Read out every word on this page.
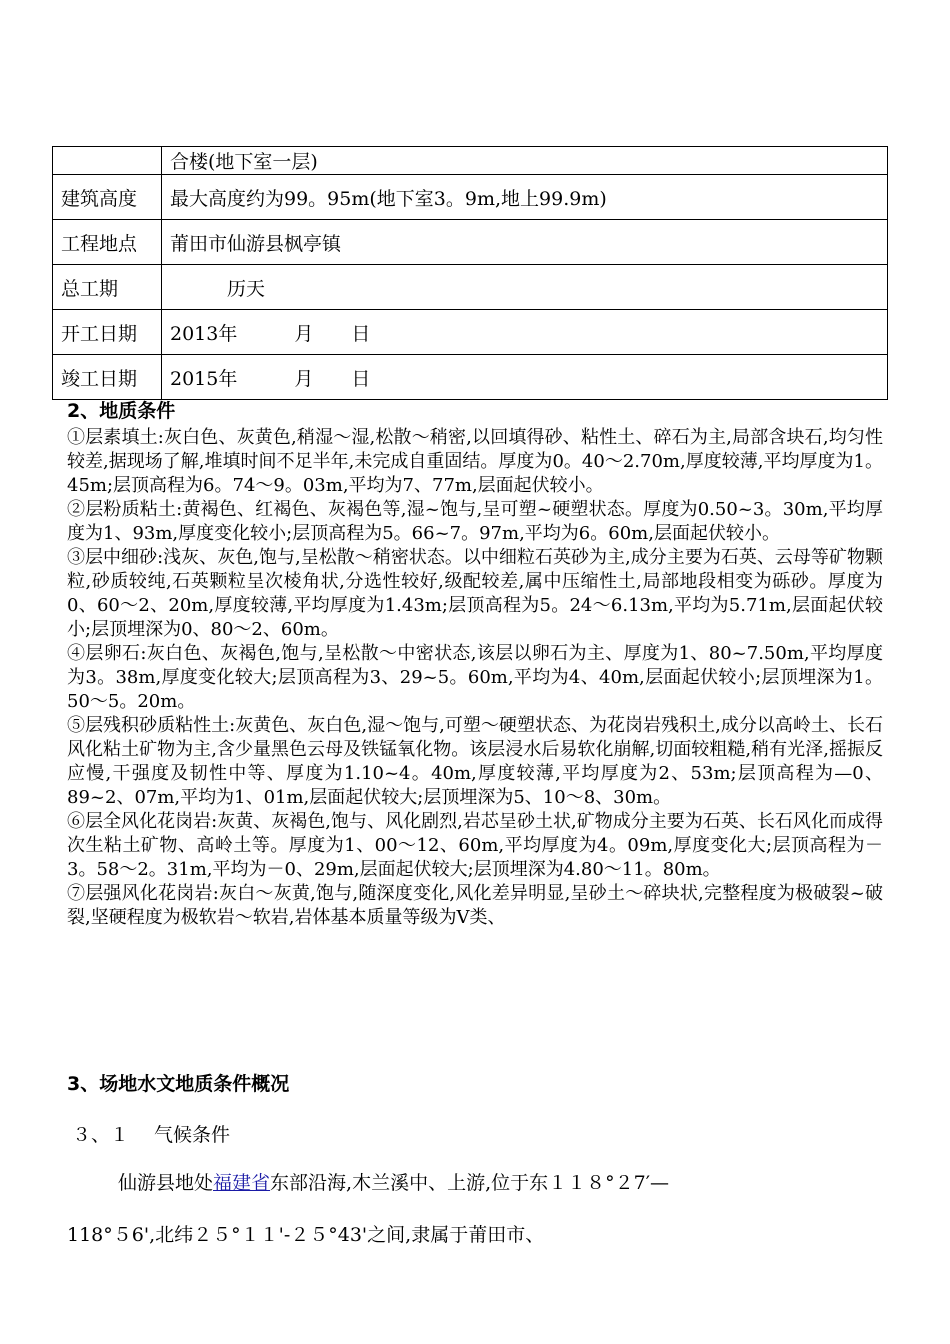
	合楼(地下室一层)
建筑高度	最大高度约为99。95m(地下室3。9m,地上99.9m)
工程地点	莆田市仙游县枫亭镇
总工期	　　　历天
开工日期	2013年　　　月　　日
竣工日期	2015年　　　月　　日
2、地质条件

①层素填土:灰白色、灰黄色,稍湿～湿,松散～稍密,以回填得砂、粘性土、碎石为主,局部含块石,均匀性较差,据现场了解,堆填时间不足半年,未完成自重固结。厚度为0。40～2.70m,厚度较薄,平均厚度为1。45m;层顶高程为6。74～9。03m,平均为7、77m,层面起伏较小。

②层粉质粘土:黄褐色、红褐色、灰褐色等,湿~饱与,呈可塑~硬塑状态。厚度为0.50~3。30m,平均厚度为1、93m,厚度变化较小;层顶高程为5。66~7。97m,平均为6。60m,层面起伏较小。

③层中细砂:浅灰、灰色,饱与,呈松散～稍密状态。以中细粒石英砂为主,成分主要为石英、云母等矿物颗粒,砂质较纯,石英颗粒呈次棱角状,分选性较好,级配较差,属中压缩性土,局部地段相变为砾砂。厚度为0、60～2、20m,厚度较薄,平均厚度为1.43m;层顶高程为5。24～6.13m,平均为5.71m,层面起伏较小;层顶埋深为0、80～2、60m。

④层卵石:灰白色、灰褐色,饱与,呈松散～中密状态,该层以卵石为主、厚度为1、80~7.50m,平均厚度为3。38m,厚度变化较大;层顶高程为3、29~5。60m,平均为4、40m,层面起伏较小;层顶埋深为1。50～5。20m。

⑤层残积砂质粘性土:灰黄色、灰白色,湿～饱与,可塑～硬塑状态、为花岗岩残积土,成分以高岭土、长石风化粘土矿物为主,含少量黑色云母及铁锰氧化物。该层浸水后易软化崩解,切面较粗糙,稍有光泽,摇振反应慢,干强度及韧性中等、厚度为1.10~4。40m,厚度较薄,平均厚度为2、53m;层顶高程为—0、89~2、07m,平均为1、01m,层面起伏较大;层顶埋深为5、10～8、30m。

⑥层全风化花岗岩:灰黄、灰褐色,饱与、风化剧烈,岩芯呈砂土状,矿物成分主要为石英、长石风化而成得次生粘土矿物、高岭土等。厚度为1、00～12、60m,平均厚度为4。09m,厚度变化大;层顶高程为－3。58～2。31m,平均为－0、29m,层面起伏较大;层顶埋深为4.80～11。80m。

⑦层强风化花岗岩:灰白～灰黄,饱与,随深度变化,风化差异明显,呈砂土～碎块状,完整程度为极破裂~破裂,坚硬程度为极软岩～软岩,岩体基本质量等级为Ⅴ类、

3、场地水文地质条件概况
３、１　 气候条件
仙游县地处福建省东部沿海,木兰溪中、上游,位于东１１８°２7′—
118°５6',北纬２５°１１'-２５°43'之间,隶属于莆田市、
